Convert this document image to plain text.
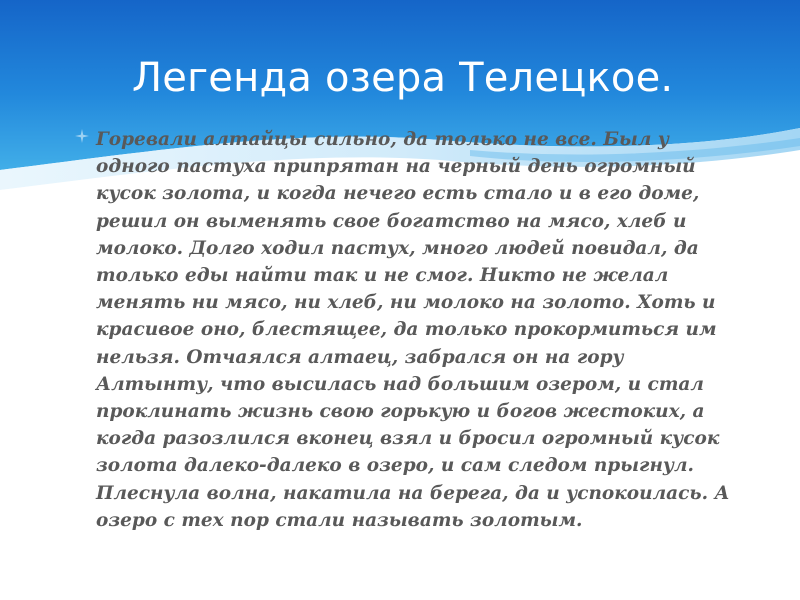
Легенда озера Телецкое.

Горевали алтайцы сильно, да только не все. Был у одного пастуха припрятан на черный день огромный кусок золота, и когда нечего есть стало и в его доме, решил он выменять свое богатство на мясо, хлеб и молоко. Долго ходил пастух, много людей повидал, да только еды найти так и не смог. Никто не желал менять ни мясо, ни хлеб, ни молоко на золото. Хоть и красивое оно, блестящее, да только прокормиться им нельзя. Отчаялся алтаец, забрался он на гору Алтынту, что высилась над большим озером, и стал проклинать жизнь свою горькую и богов жестоких, а когда разозлился вконец взял и бросил огромный кусок золота далеко-далеко в озеро, и сам следом прыгнул. Плеснула волна, накатила на берега, да и успокоилась. А озеро с тех пор стали называть золотым.
